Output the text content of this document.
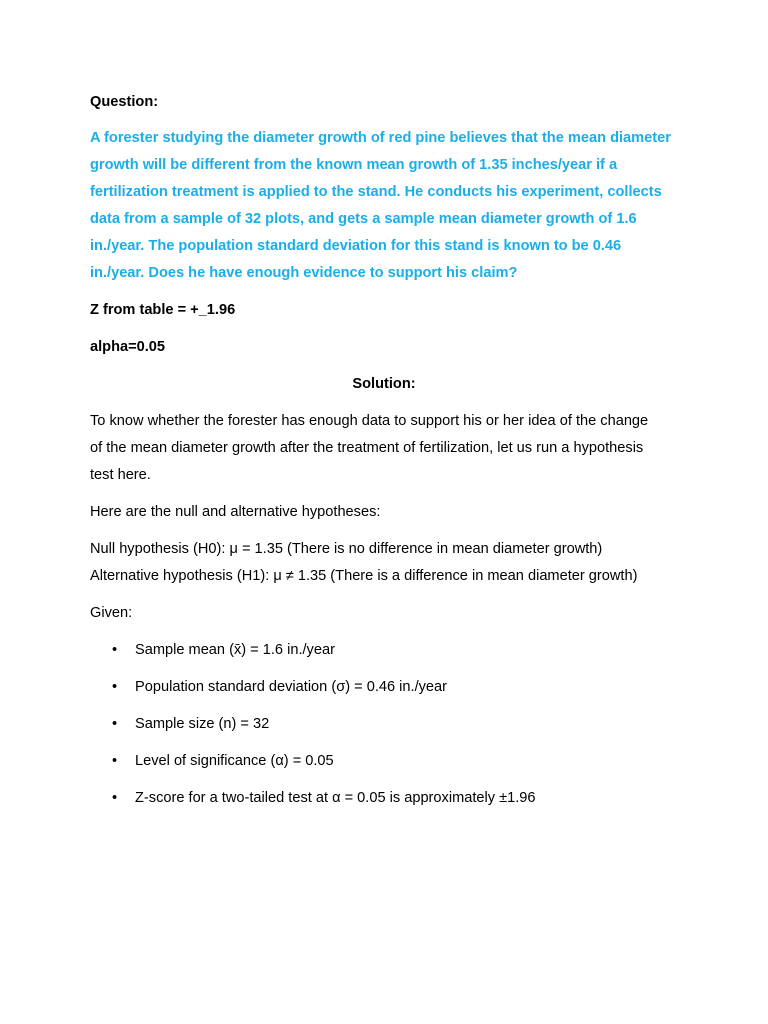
Question:

A forester studying the diameter growth of red pine believes that the mean diameter
growth will be different from the known mean growth of 1.35 inches/year if a
fertilization treatment is applied to the stand. He conducts his experiment, collects
data from a sample of 32 plots, and gets a sample mean diameter growth of 1.6
in./year. The population standard deviation for this stand is known to be 0.46
in./year. Does he have enough evidence to support his claim?

Z from table = +_1.96

alpha=0.05

Solution:

To know whether the forester has enough data to support his or her idea of the change
of the mean diameter growth after the treatment of fertilization, let us run a hypothesis
test here.

Here are the null and alternative hypotheses:

Null hypothesis (H0): μ = 1.35 (There is no difference in mean diameter growth)
Alternative hypothesis (H1): μ ≠ 1.35 (There is a difference in mean diameter growth)

Given:

• Sample mean (x̄) = 1.6 in./year
• Population standard deviation (σ) = 0.46 in./year
• Sample size (n) = 32
• Level of significance (α) = 0.05
• Z-score for a two-tailed test at α = 0.05 is approximately ±1.96
